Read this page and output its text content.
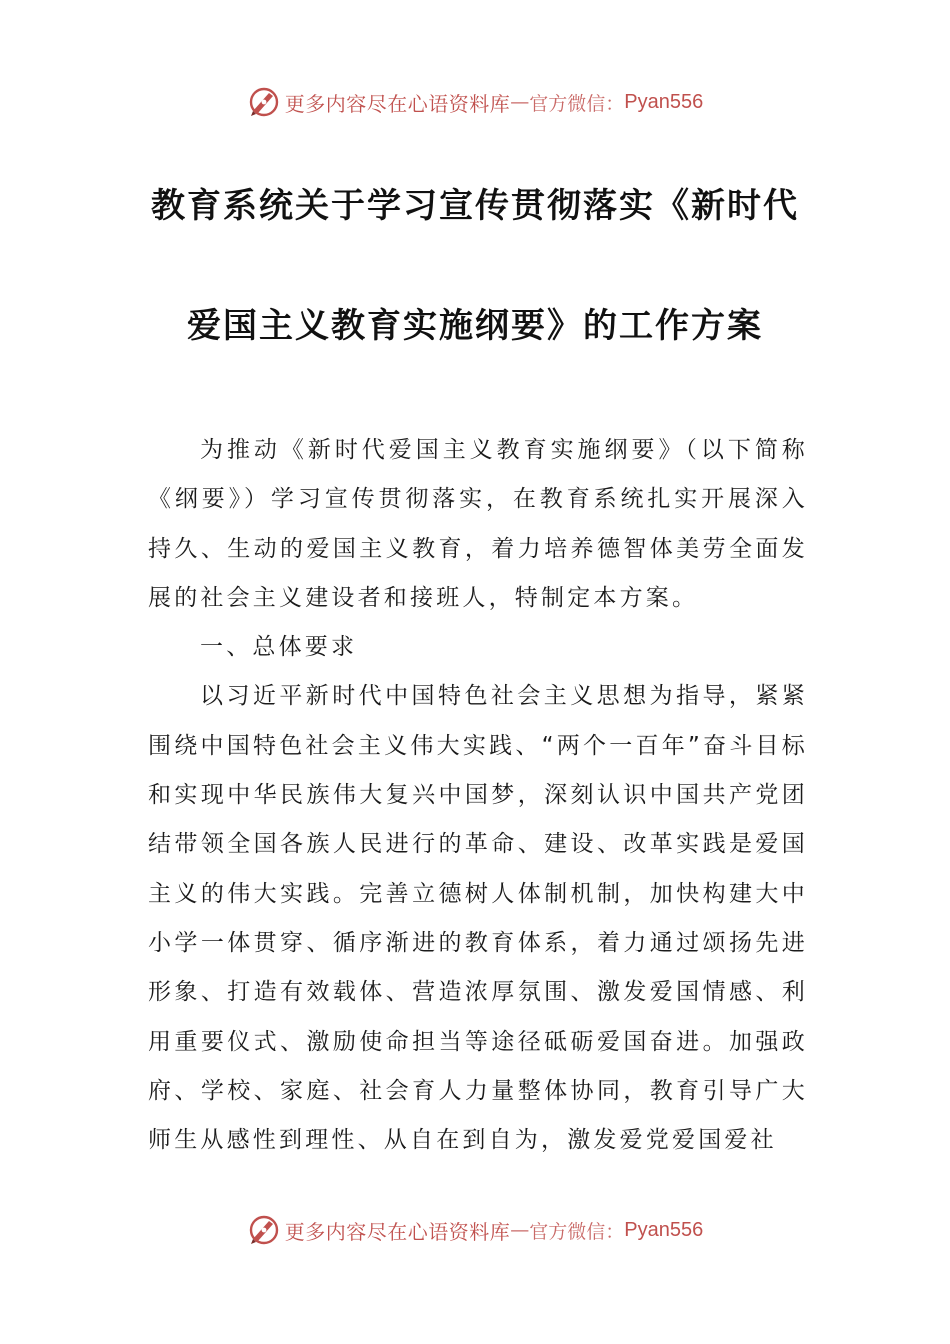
更多内容尽在心语资料库 — 官方微信： Pyan556
教育系统关于学习宣传贯彻落实《新时代
爱国主义教育实施纲要》的工作方案

为推动《新时代爱国主义教育实施纲要》（以下简称《纲要》）学习宣传贯彻落实，在教育系统扎实开展深入持久、生动的爱国主义教育，着力培养德智体美劳全面发展的社会主义建设者和接班人，特制定本方案。

一、总体要求

以习近平新时代中国特色社会主义思想为指导，紧紧围绕中国特色社会主义伟大实践、“两个一百年”奋斗目标和实现中华民族伟大复兴中国梦，深刻认识中国共产党团结带领全国各族人民进行的革命、建设、改革实践是爱国主义的伟大实践。完善立德树人体制机制，加快构建大中小学一体贯穿、循序渐进的教育体系，着力通过颂扬先进形象、打造有效载体、营造浓厚氛围、激发爱国情感、利用重要仪式、激励使命担当等途径砥砺爱国奋进。加强政府、学校、家庭、社会育人力量整体协同，教育引导广大师生从感性到理性、从自在到自为，激发爱党爱国爱社

更多内容尽在心语资料库 — 官方微信： Pyan556
